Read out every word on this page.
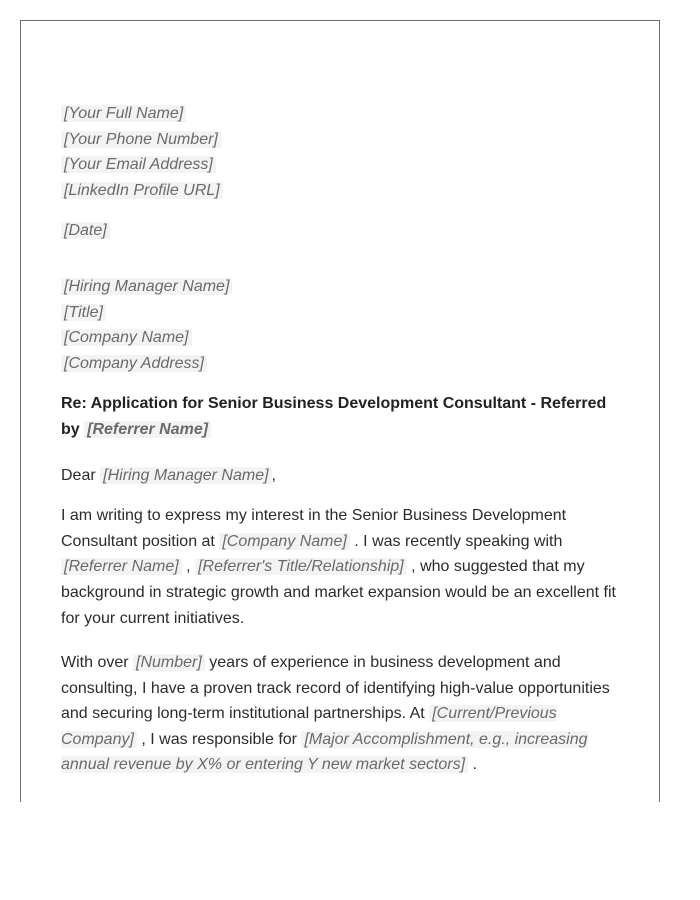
[Your Full Name]
[Your Phone Number]
[Your Email Address]
[LinkedIn Profile URL]
[Date]
[Hiring Manager Name]
[Title]
[Company Name]
[Company Address]
Re: Application for Senior Business Development Consultant - Referred by [Referrer Name]
Dear [Hiring Manager Name] ,
I am writing to express my interest in the Senior Business Development Consultant position at [Company Name] . I was recently speaking with [Referrer Name] , [Referrer's Title/Relationship] , who suggested that my background in strategic growth and market expansion would be an excellent fit for your current initiatives.
With over [Number] years of experience in business development and consulting, I have a proven track record of identifying high-value opportunities and securing long-term institutional partnerships. At [Current/Previous Company] , I was responsible for [Major Accomplishment, e.g., increasing annual revenue by X% or entering Y new market sectors] .
